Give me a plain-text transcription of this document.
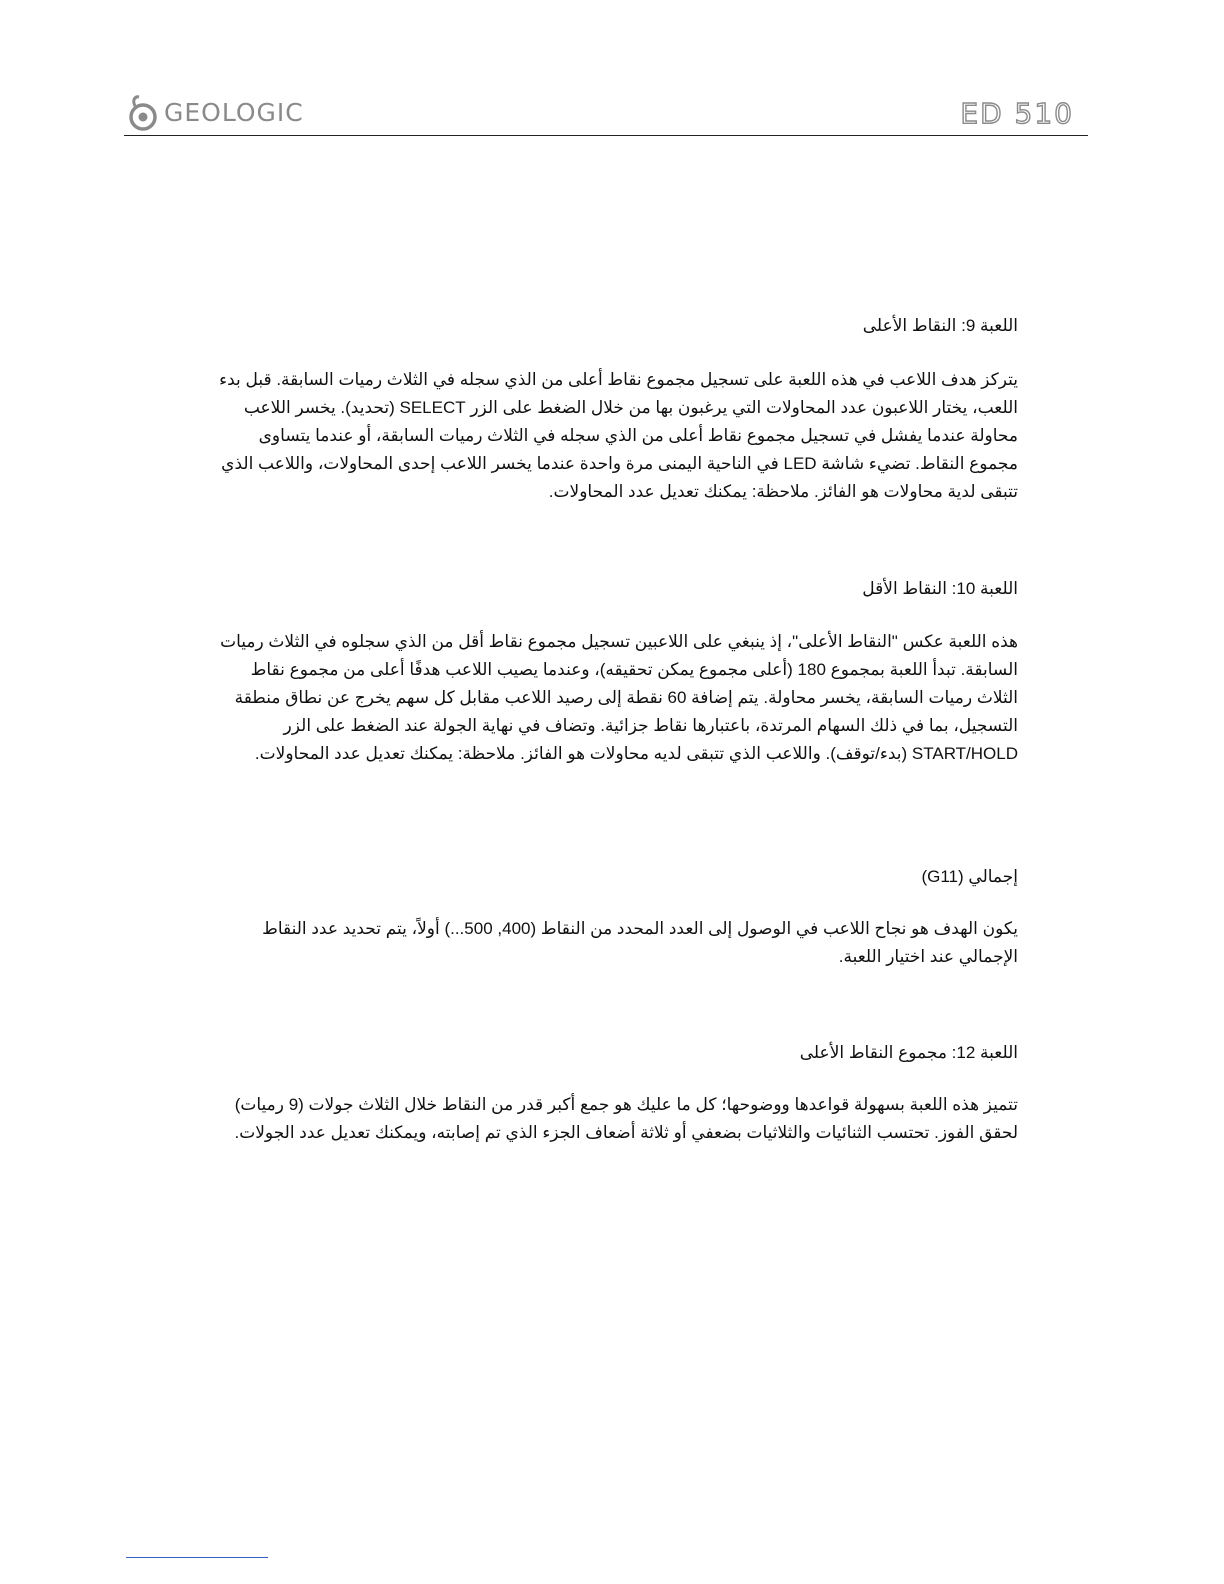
GEOLOGIC	ED 510

اللعبة 9: النقاط الأعلى

يتركز هدف اللاعب في هذه اللعبة على تسجيل مجموع نقاط أعلى من الذي سجله في الثلاث رميات السابقة. قبل بدء اللعب، يختار اللاعبون عدد المحاولات التي يرغبون بها من خلال الضغط على الزر SELECT (تحديد). يخسر اللاعب محاولة عندما يفشل في تسجيل مجموع نقاط أعلى من الذي سجله في الثلاث رميات السابقة، أو عندما يتساوى مجموع النقاط. تضيء شاشة LED في الناحية اليمنى مرة واحدة عندما يخسر اللاعب إحدى المحاولات، واللاعب الذي تتبقى لدية محاولات هو الفائز. ملاحظة: يمكنك تعديل عدد المحاولات.

اللعبة 10: النقاط الأقل

هذه اللعبة عكس "النقاط الأعلى"، إذ ينبغي على اللاعبين تسجيل مجموع نقاط أقل من الذي سجلوه في الثلاث رميات السابقة. تبدأ اللعبة بمجموع 180 (أعلى مجموع يمكن تحقيقه)، وعندما يصيب اللاعب هدفًا أعلى من مجموع نقاط الثلاث رميات السابقة، يخسر محاولة. يتم إضافة 60 نقطة إلى رصيد اللاعب مقابل كل سهم يخرج عن نطاق منطقة التسجيل، بما في ذلك السهام المرتدة، باعتبارها نقاط جزائية. وتضاف في نهاية الجولة عند الضغط على الزر START/HOLD (بدء/توقف). واللاعب الذي تتبقى لديه محاولات هو الفائز. ملاحظة: يمكنك تعديل عدد المحاولات.

إجمالي (G11)

يكون الهدف هو نجاح اللاعب في الوصول إلى العدد المحدد من النقاط (400, 500...) أولاً، يتم تحديد عدد النقاط الإجمالي عند اختيار اللعبة.

اللعبة 12: مجموع النقاط الأعلى

تتميز هذه اللعبة بسهولة قواعدها ووضوحها؛ كل ما عليك هو جمع أكبر قدر من النقاط خلال الثلاث جولات (9 رميات) لحقق الفوز. تحتسب الثنائيات والثلاثيات بضعفي أو ثلاثة أضعاف الجزء الذي تم إصابته، ويمكنك تعديل عدد الجولات.
